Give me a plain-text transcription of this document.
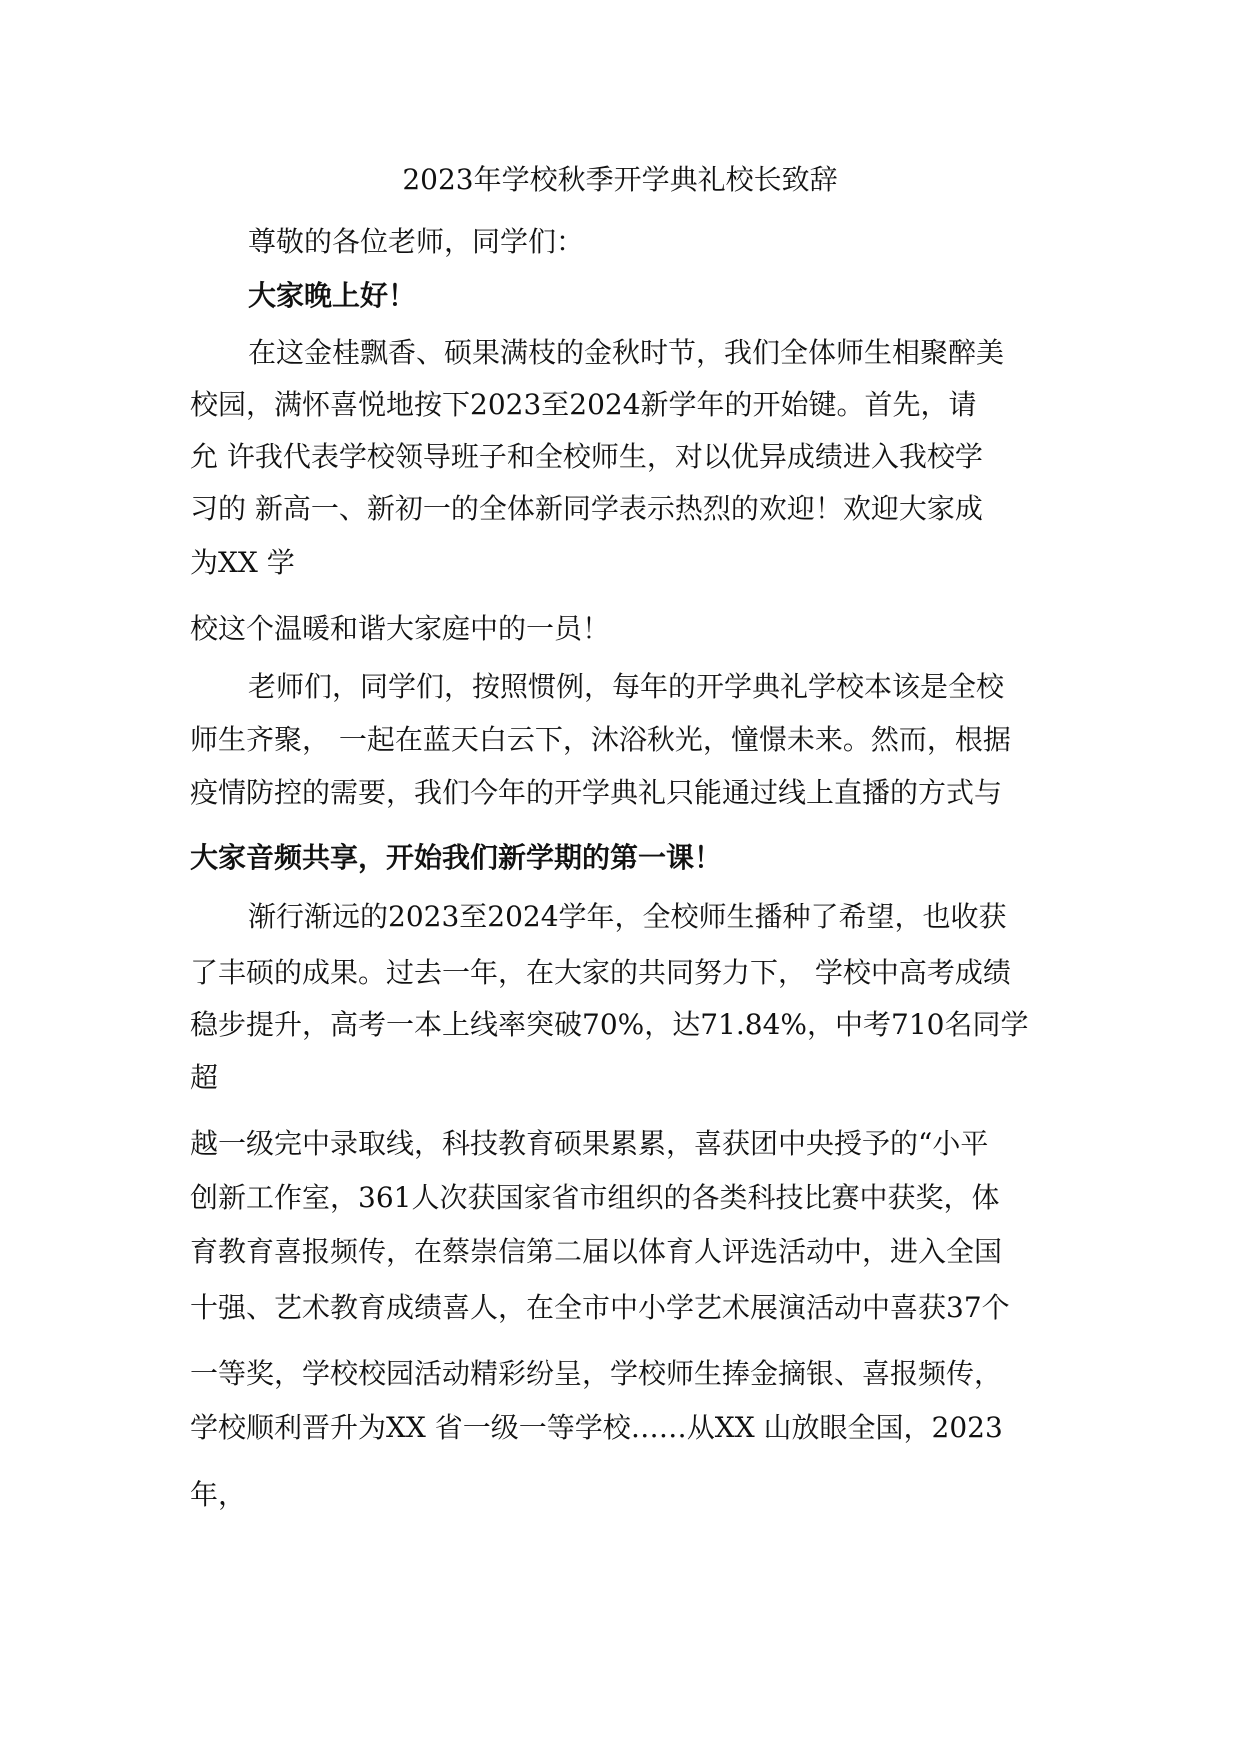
2023年学校秋季开学典礼校长致辞
尊敬的各位老师，同学们：
大家晚上好！
在这金桂飘香、硕果满枝的金秋时节，我们全体师生相聚醉美
校园，满怀喜悦地按下2023至2024新学年的开始键。首先，请
允 许我代表学校领导班子和全校师生，对以优异成绩进入我校学
习的 新高一、新初一的全体新同学表示热烈的欢迎！欢迎大家成
为XX 学
校这个温暖和谐大家庭中的一员！
老师们，同学们，按照惯例，每年的开学典礼学校本该是全校
师生齐聚， 一起在蓝天白云下，沐浴秋光，憧憬未来。然而，根据
疫情防控的需要，我们今年的开学典礼只能通过线上直播的方式与
大家音频共享，开始我们新学期的第一课！
渐行渐远的2023至2024学年，全校师生播种了希望，也收获
了丰硕的成果。过去一年，在大家的共同努力下， 学校中高考成绩
稳步提升，高考一本上线率突破70%，达71.84%，中考710名同学
超
越一级完中录取线，科技教育硕果累累，喜获团中央授予的“小平
创新工作室，361人次获国家省市组织的各类科技比赛中获奖，体
育教育喜报频传，在蔡崇信第二届以体育人评选活动中，进入全国
十强、艺术教育成绩喜人，在全市中小学艺术展演活动中喜获37个
一等奖，学校校园活动精彩纷呈，学校师生捧金摘银、喜报频传，
学校顺利晋升为XX 省一级一等学校……从XX 山放眼全国，2023
年，
